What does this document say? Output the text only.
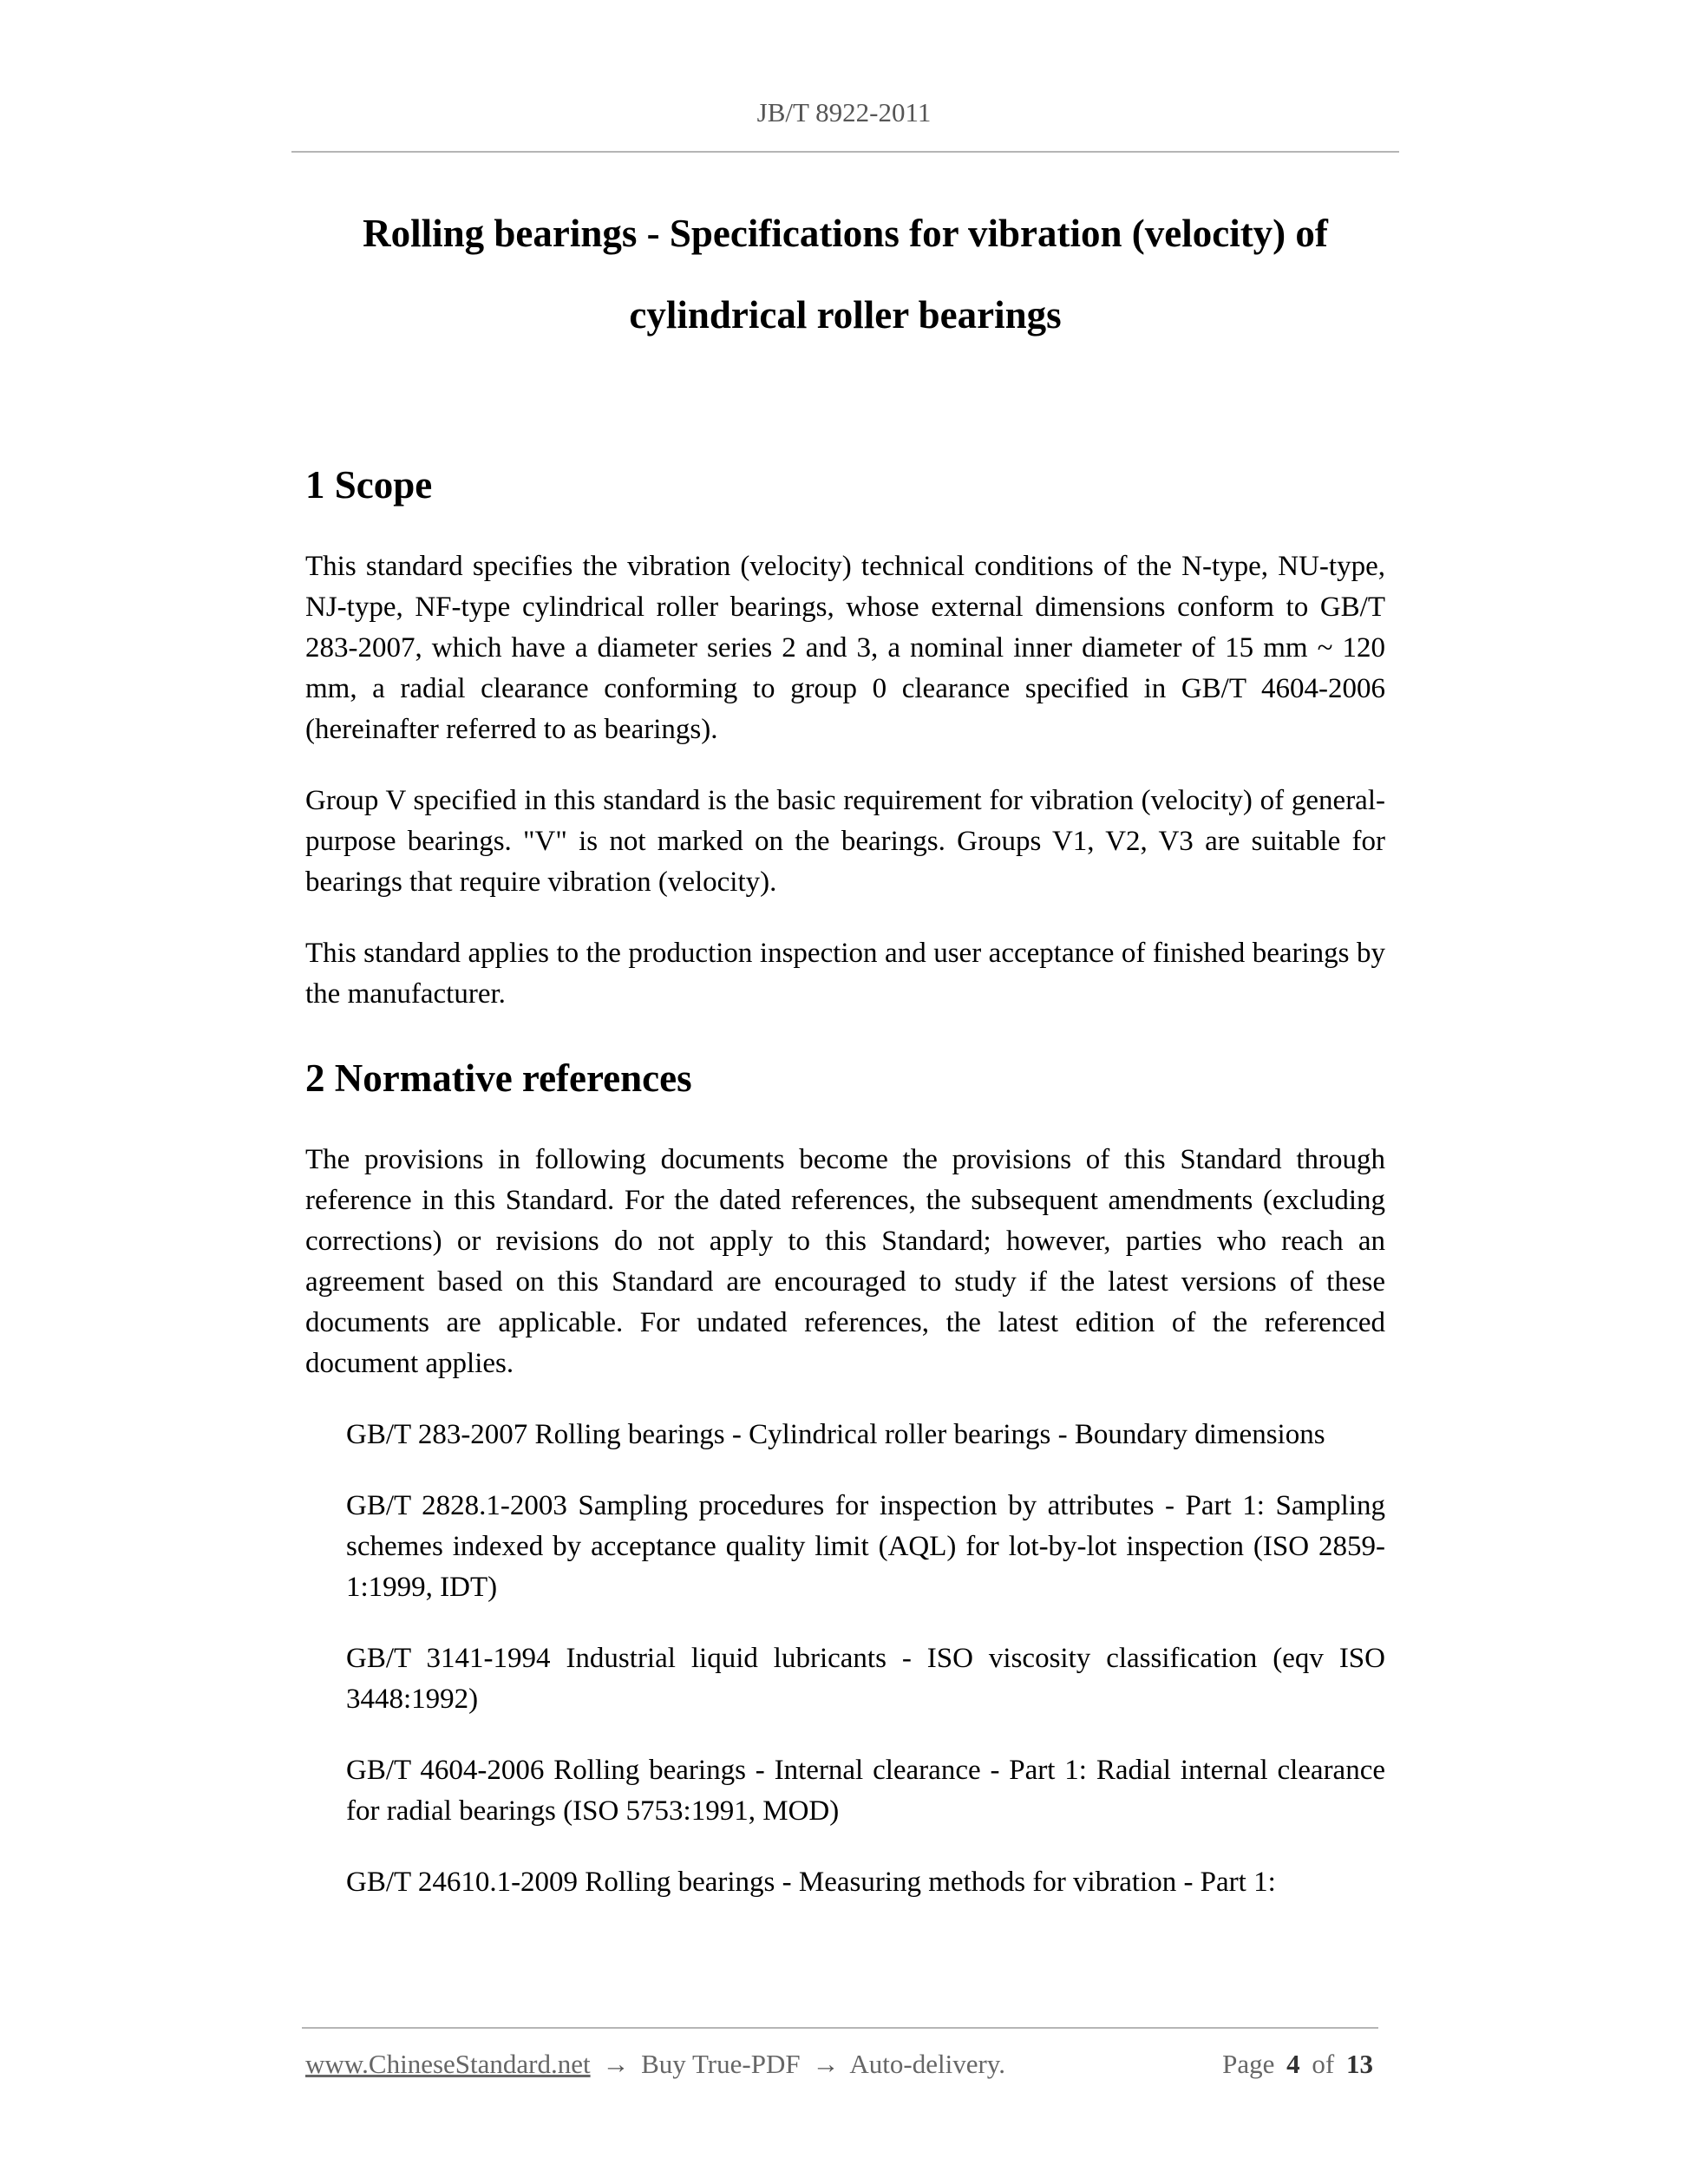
JB/T 8922-2011
Rolling bearings - Specifications for vibration (velocity) of
cylindrical roller bearings
1 Scope

This standard specifies the vibration (velocity) technical conditions of the N-type, NU-type, NJ-type, NF-type cylindrical roller bearings, whose external dimensions conform to GB/T 283-2007, which have a diameter series 2 and 3, a nominal inner diameter of 15 mm ~ 120 mm, a radial clearance conforming to group 0 clearance specified in GB/T 4604-2006 (hereinafter referred to as bearings).

Group V specified in this standard is the basic requirement for vibration (velocity) of general-purpose bearings. "V" is not marked on the bearings. Groups V1, V2, V3 are suitable for bearings that require vibration (velocity).

This standard applies to the production inspection and user acceptance of finished bearings by the manufacturer.

2 Normative references

The provisions in following documents become the provisions of this Standard through reference in this Standard. For the dated references, the subsequent amendments (excluding corrections) or revisions do not apply to this Standard; however, parties who reach an agreement based on this Standard are encouraged to study if the latest versions of these documents are applicable. For undated references, the latest edition of the referenced document applies.

GB/T 283-2007 Rolling bearings - Cylindrical roller bearings - Boundary dimensions

GB/T 2828.1-2003 Sampling procedures for inspection by attributes - Part 1: Sampling schemes indexed by acceptance quality limit (AQL) for lot-by-lot inspection (ISO 2859-1:1999, IDT)

GB/T 3141-1994 Industrial liquid lubricants - ISO viscosity classification (eqv ISO 3448:1992)

GB/T 4604-2006 Rolling bearings - Internal clearance - Part 1: Radial internal clearance for radial bearings (ISO 5753:1991, MOD)

GB/T 24610.1-2009 Rolling bearings - Measuring methods for vibration - Part 1:

www.ChineseStandard.net → Buy True-PDF → Auto-delivery.	Page 4 of 13
